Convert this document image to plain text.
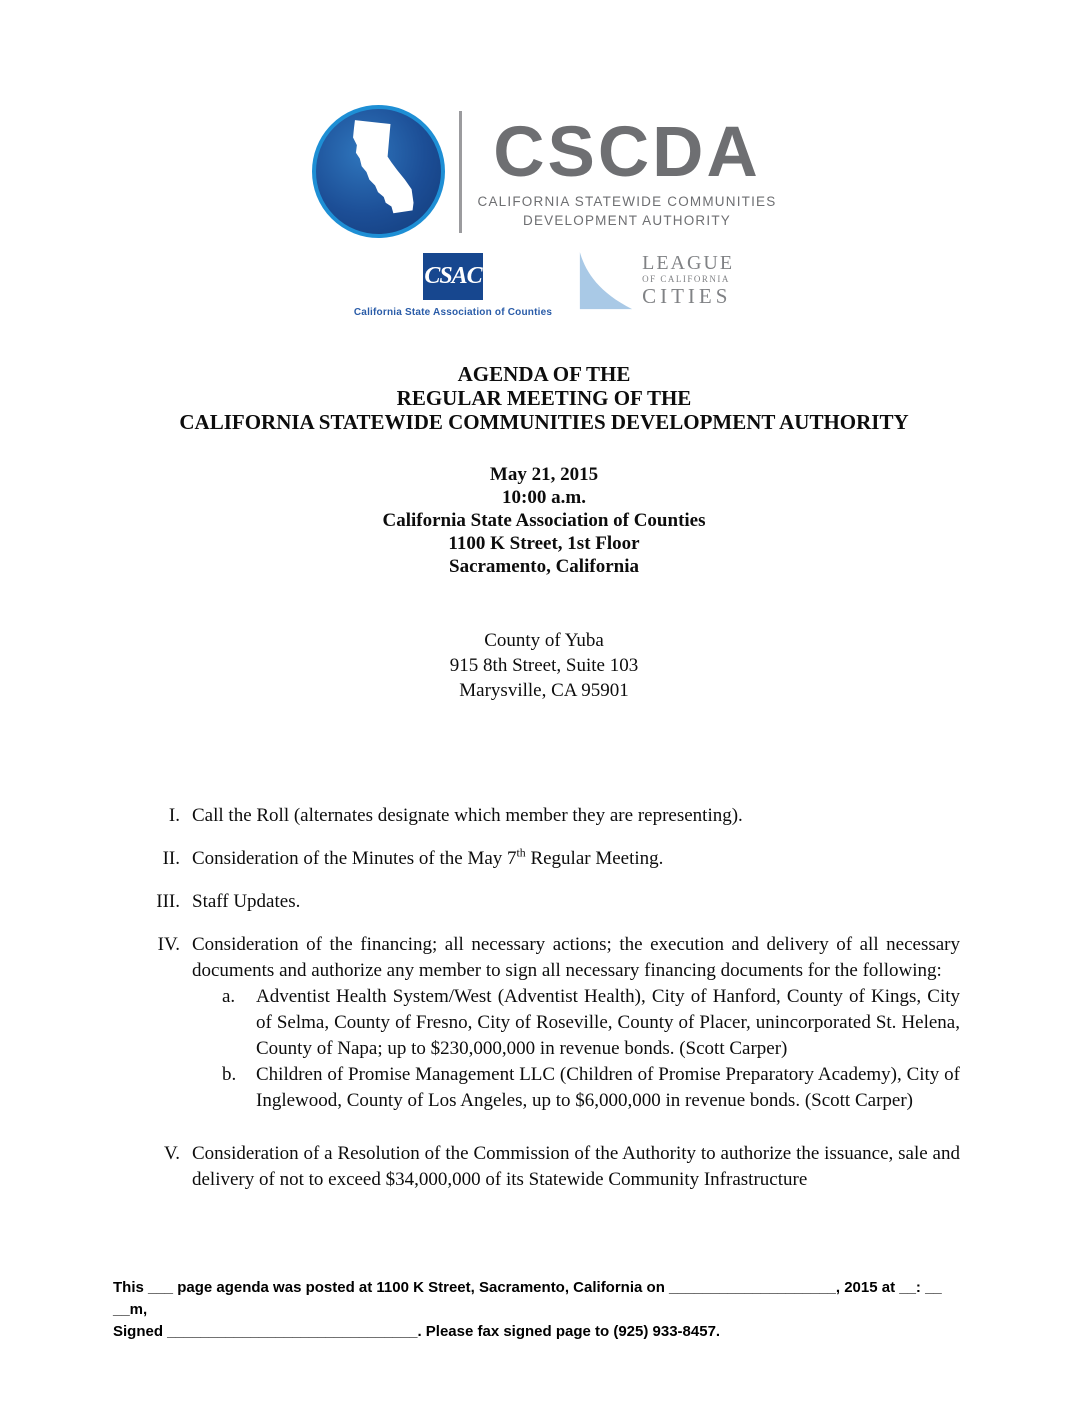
CSCDA
CALIFORNIA STATEWIDE COMMUNITIES
DEVELOPMENT AUTHORITY
CSAC
California State Association of Counties
LEAGUE
OF CALIFORNIA
CITIES
AGENDA OF THE
REGULAR MEETING OF THE
CALIFORNIA STATEWIDE COMMUNITIES DEVELOPMENT AUTHORITY
May 21, 2015
10:00 a.m.
California State Association of Counties
1100 K Street, 1st Floor
Sacramento, California
County of Yuba
915 8th Street, Suite 103
Marysville, CA 95901
I. Call the Roll (alternates designate which member they are representing).
II. Consideration of the Minutes of the May 7th Regular Meeting.
III. Staff Updates.
IV. Consideration of the financing; all necessary actions; the execution and delivery of all necessary documents and authorize any member to sign all necessary financing documents for the following:
a.	Adventist Health System/West (Adventist Health), City of Hanford, County of Kings, City of Selma, County of Fresno, City of Roseville, County of Placer, unincorporated St. Helena, County of Napa; up to $230,000,000 in revenue bonds. (Scott Carper)
b.	Children of Promise Management LLC (Children of Promise Preparatory Academy), City of Inglewood, County of Los Angeles, up to $6,000,000 in revenue bonds. (Scott Carper)
V. Consideration of a Resolution of the Commission of the Authority to authorize the issuance, sale and delivery of not to exceed $34,000,000 of its Statewide Community Infrastructure
This ___ page agenda was posted at 1100 K Street, Sacramento, California on ____________________, 2015 at __: __ __m,
Signed ______________________________. Please fax signed page to (925) 933-8457.
